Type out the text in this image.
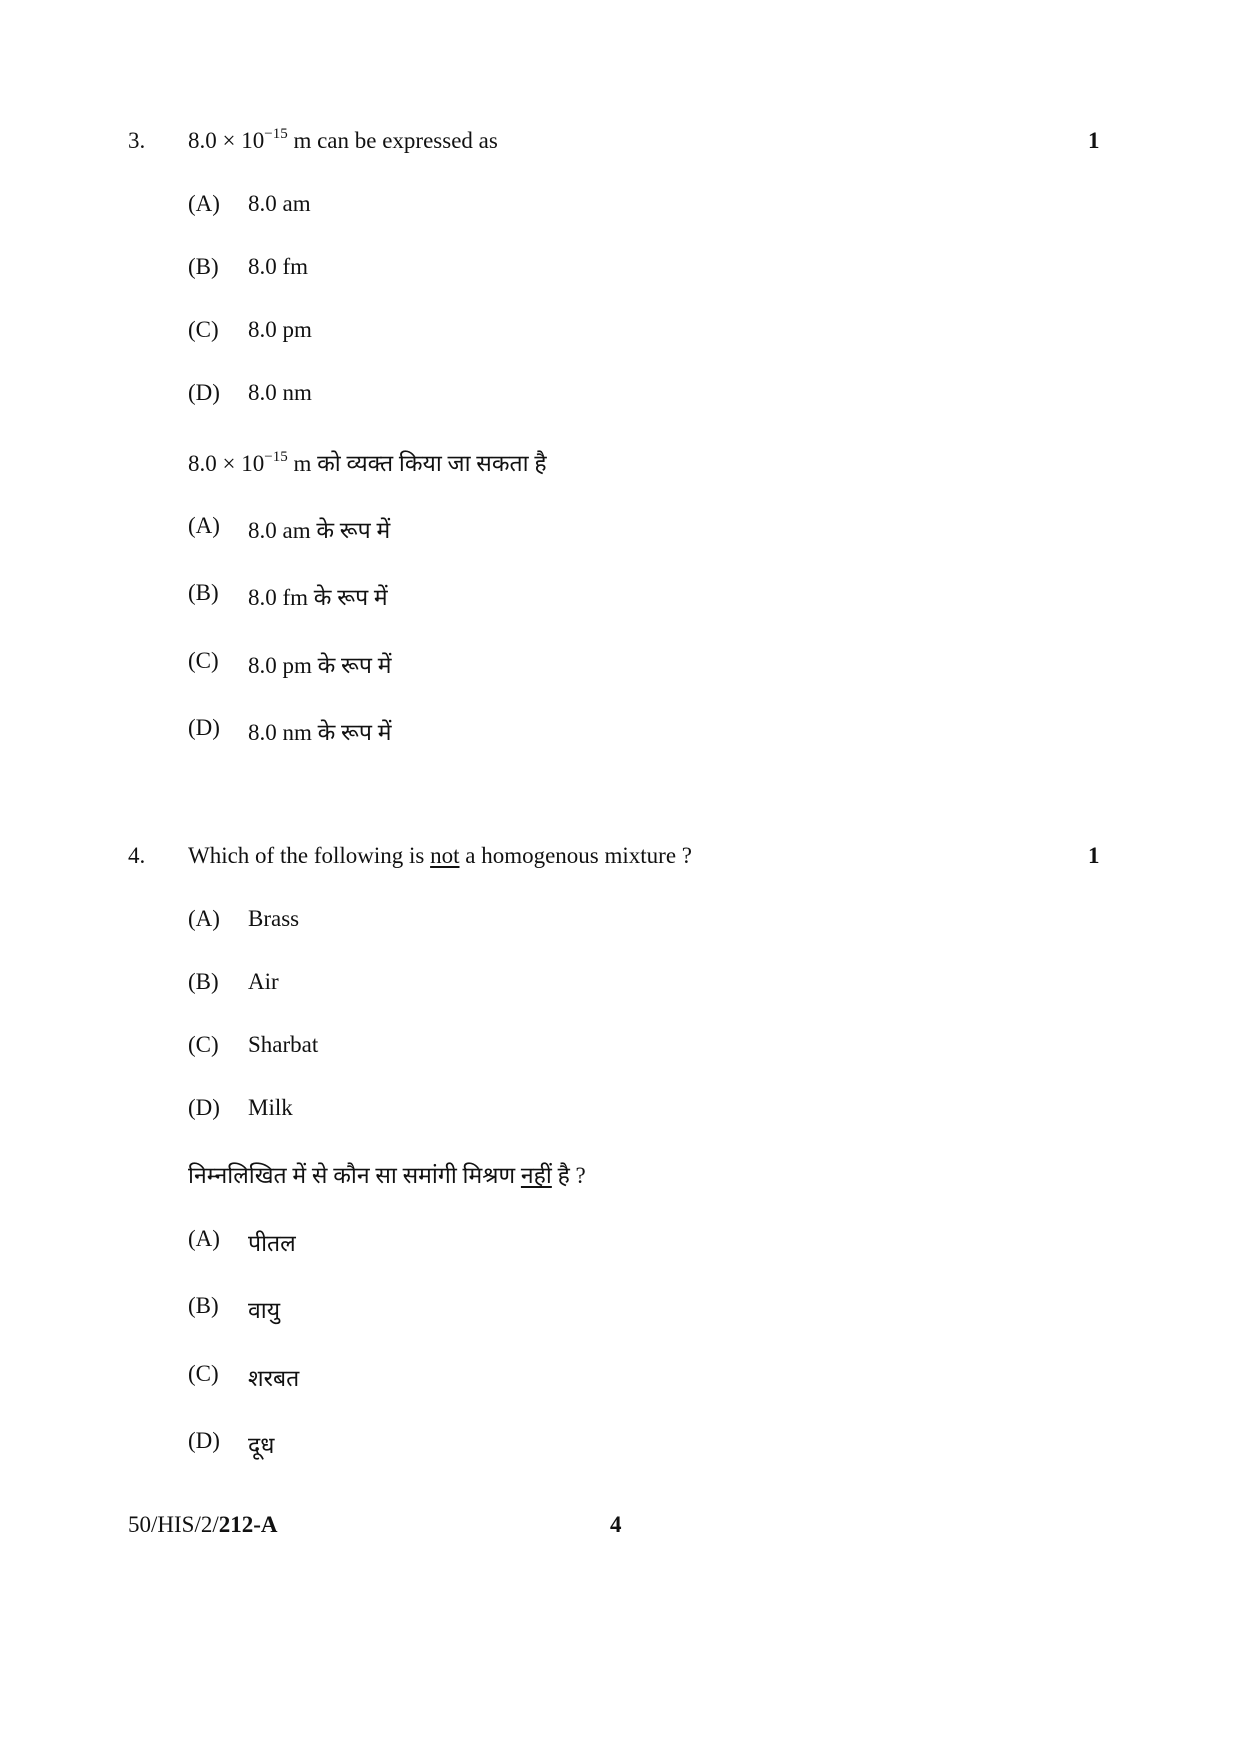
3. $8.0 \times 10^{-15}$ m can be expressed as	1
(A) 8.0 am
(B) 8.0 fm
(C) 8.0 pm
(D) 8.0 nm
$8.0 \times 10^{-15}$ m को व्यक्त किया जा सकता है
(A) 8.0 am के रूप में
(B) 8.0 fm के रूप में
(C) 8.0 pm के रूप में
(D) 8.0 nm के रूप में
4. Which of the following is not a homogenous mixture ?	1
(A) Brass
(B) Air
(C) Sharbat
(D) Milk
निम्नलिखित में से कौन सा समांगी मिश्रण नहीं है ?
(A) पीतल
(B) वायु
(C) शरबत
(D) दूध
50/HIS/2/212-A	4
